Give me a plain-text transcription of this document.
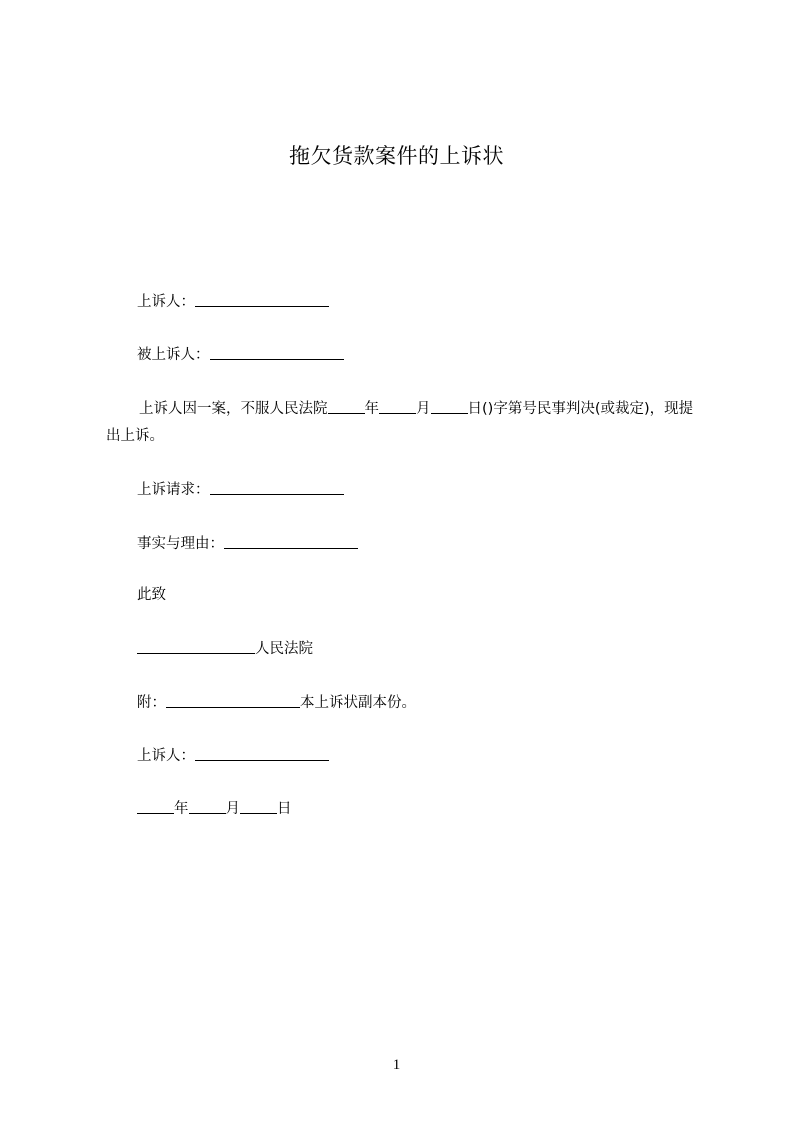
拖欠货款案件的上诉状
上诉人：
被上诉人：
上诉人因一案，不服人民法院	年	月	日()字第号民事判决(或裁定)，现提出上诉。
上诉请求：
事实与理由：
此致
人民法院
附：	本上诉状副本份。
上诉人：
年	月	日
1
